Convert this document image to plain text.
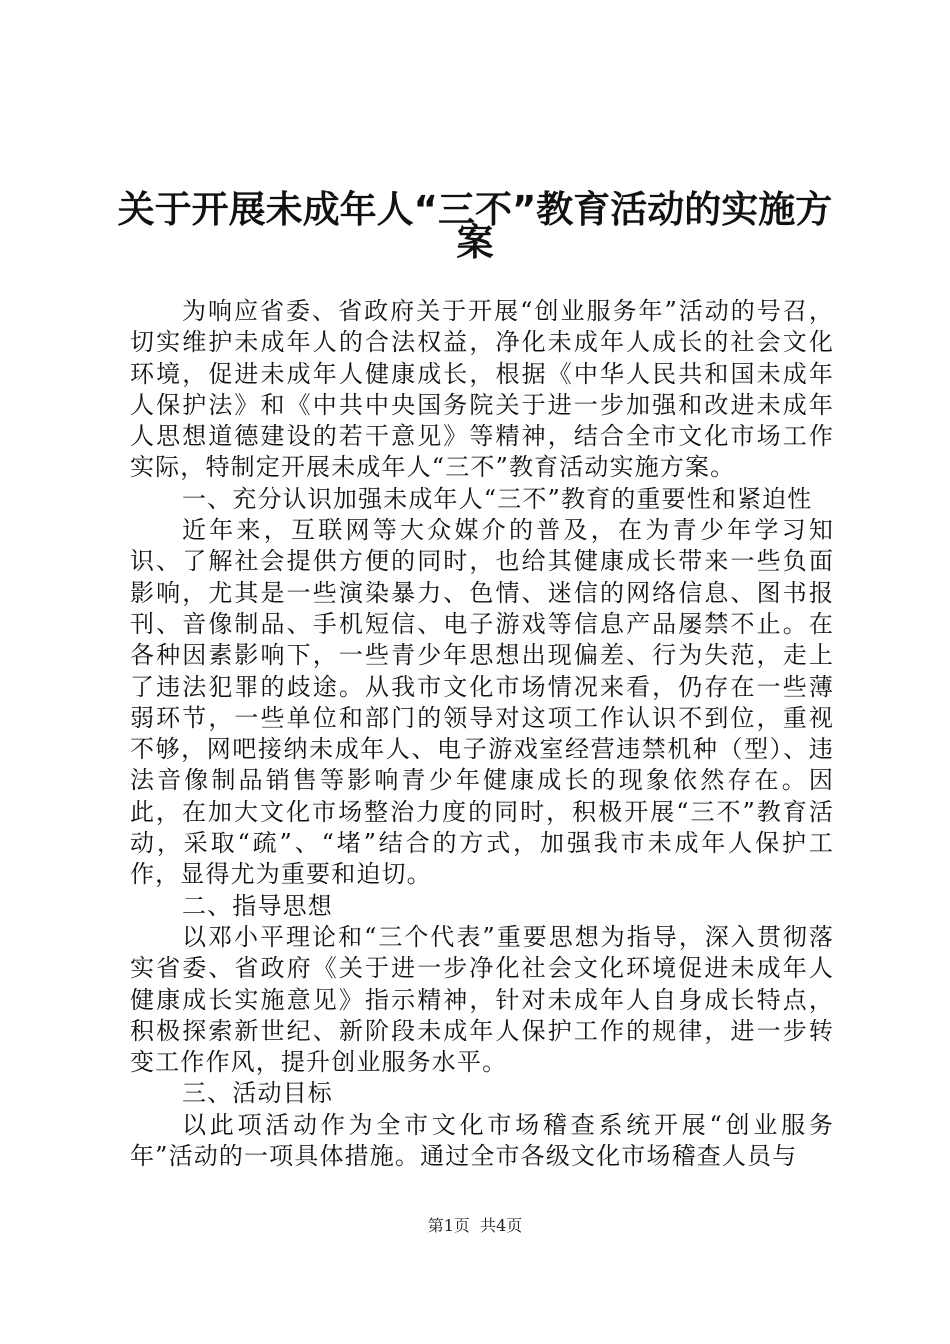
关于开展未成年人“三不”教育活动的实施方
案

为响应省委、省政府关于开展“创业服务年”活动的号召，切实维护未成年人的合法权益，净化未成年人成长的社会文化环境，促进未成年人健康成长，根据《中华人民共和国未成年人保护法》和《中共中央国务院关于进一步加强和改进未成年人思想道德建设的若干意见》等精神，结合全市文化市场工作实际，特制定开展未成年人“三不”教育活动实施方案。

一、充分认识加强未成年人“三不”教育的重要性和紧迫性

近年来，互联网等大众媒介的普及，在为青少年学习知识、了解社会提供方便的同时，也给其健康成长带来一些负面影响，尤其是一些演染暴力、色情、迷信的网络信息、图书报刊、音像制品、手机短信、电子游戏等信息产品屡禁不止。在各种因素影响下，一些青少年思想出现偏差、行为失范，走上了违法犯罪的歧途。从我市文化市场情况来看，仍存在一些薄弱环节，一些单位和部门的领导对这项工作认识不到位，重视不够，网吧接纳未成年人、电子游戏室经营违禁机种（型）、违法音像制品销售等影响青少年健康成长的现象依然存在。因此，在加大文化市场整治力度的同时，积极开展“三不”教育活动，采取“疏”、“堵”结合的方式，加强我市未成年人保护工作，显得尤为重要和迫切。

二、指导思想

以邓小平理论和“三个代表”重要思想为指导，深入贯彻落实省委、省政府《关于进一步净化社会文化环境促进未成年人健康成长实施意见》指示精神，针对未成年人自身成长特点，积极探索新世纪、新阶段未成年人保护工作的规律，进一步转变工作作风，提升创业服务水平。

三、活动目标

以此项活动作为全市文化市场稽查系统开展“创业服务年”活动的一项具体措施。通过全市各级文化市场稽查人员与

第1页 共4页
